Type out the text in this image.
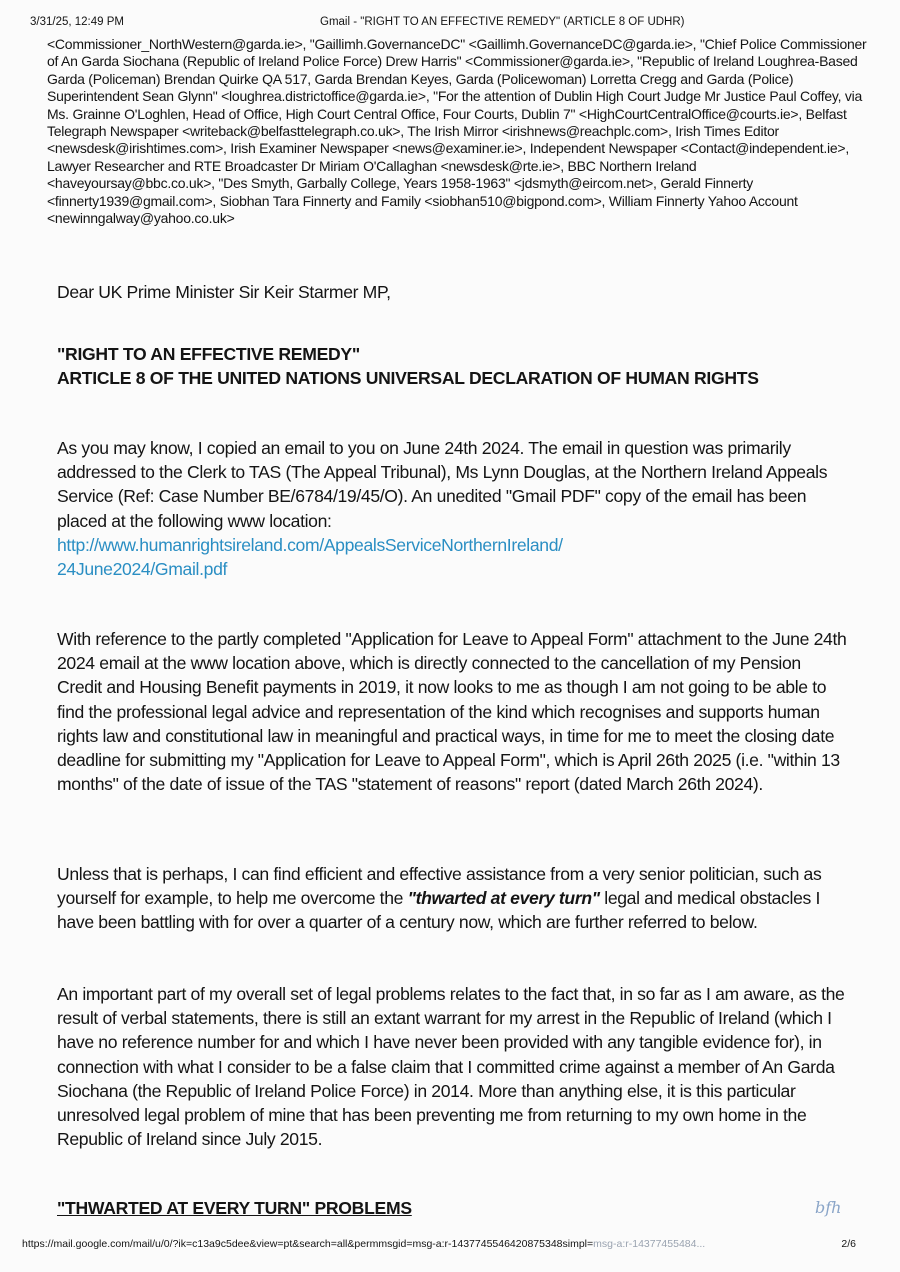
3/31/25, 12:49 PM	Gmail - "RIGHT TO AN EFFECTIVE REMEDY" (ARTICLE 8 OF UDHR)
<Commissioner_NorthWestern@garda.ie>, "Gaillimh.GovernanceDC" <Gaillimh.GovernanceDC@garda.ie>, "Chief Police Commissioner of An Garda Siochana (Republic of Ireland Police Force) Drew Harris" <Commissioner@garda.ie>, "Republic of Ireland Loughrea-Based Garda (Policeman) Brendan Quirke QA 517, Garda Brendan Keyes, Garda (Policewoman) Lorretta Cregg and Garda (Police) Superintendent Sean Glynn" <loughrea.districtoffice@garda.ie>, "For the attention of Dublin High Court Judge Mr Justice Paul Coffey, via Ms. Grainne O'Loghlen, Head of Office, High Court Central Office, Four Courts, Dublin 7" <HighCourtCentralOffice@courts.ie>, Belfast Telegraph Newspaper <writeback@belfasttelegraph.co.uk>, The Irish Mirror <irishnews@reachplc.com>, Irish Times Editor <newsdesk@irishtimes.com>, Irish Examiner Newspaper <news@examiner.ie>, Independent Newspaper <Contact@independent.ie>, Lawyer Researcher and RTE Broadcaster Dr Miriam O'Callaghan <newsdesk@rte.ie>, BBC Northern Ireland <haveyoursay@bbc.co.uk>, "Des Smyth, Garbally College, Years 1958-1963" <jdsmyth@eircom.net>, Gerald Finnerty <finnerty1939@gmail.com>, Siobhan Tara Finnerty and Family <siobhan510@bigpond.com>, William Finnerty Yahoo Account <newinngalway@yahoo.co.uk>
Dear UK Prime Minister Sir Keir Starmer MP,
"RIGHT TO AN EFFECTIVE REMEDY"
ARTICLE 8 OF THE UNITED NATIONS UNIVERSAL DECLARATION OF HUMAN RIGHTS
As you may know, I copied an email to you on June 24th 2024. The email in question was primarily addressed to the Clerk to TAS (The Appeal Tribunal), Ms Lynn Douglas, at the Northern Ireland Appeals Service (Ref: Case Number BE/6784/19/45/O). An unedited "Gmail PDF" copy of the email has been placed at the following www location:
http://www.humanrightsireland.com/AppealsServiceNorthernIreland/
24June2024/Gmail.pdf
With reference to the partly completed "Application for Leave to Appeal Form" attachment to the June 24th 2024 email at the www location above, which is directly connected to the cancellation of my Pension Credit and Housing Benefit payments in 2019, it now looks to me as though I am not going to be able to find the professional legal advice and representation of the kind which recognises and supports human rights law and constitutional law in meaningful and practical ways, in time for me to meet the closing date deadline for submitting my "Application for Leave to Appeal Form", which is April 26th 2025 (i.e. "within 13 months" of the date of issue of the TAS "statement of reasons" report (dated March 26th 2024).
Unless that is perhaps, I can find efficient and effective assistance from a very senior politician, such as yourself for example, to help me overcome the "thwarted at every turn" legal and medical obstacles I have been battling with for over a quarter of a century now, which are further referred to below.
An important part of my overall set of legal problems relates to the fact that, in so far as I am aware, as the result of verbal statements, there is still an extant warrant for my arrest in the Republic of Ireland (which I have no reference number for and which I have never been provided with any tangible evidence for), in connection with what I consider to be a false claim that I committed crime against a member of An Garda Siochana (the Republic of Ireland Police Force) in 2014. More than anything else, it is this particular unresolved legal problem of mine that has been preventing me from returning to my own home in the Republic of Ireland since July 2015.
"THWARTED AT EVERY TURN" PROBLEMS	bfh
https://mail.google.com/mail/u/0/?ik=c13a9c5dee&view=pt&search=all&permmsgid=msg-a:r-1437745546420875348simpl=msg-a:r-14377455484...	2/6
